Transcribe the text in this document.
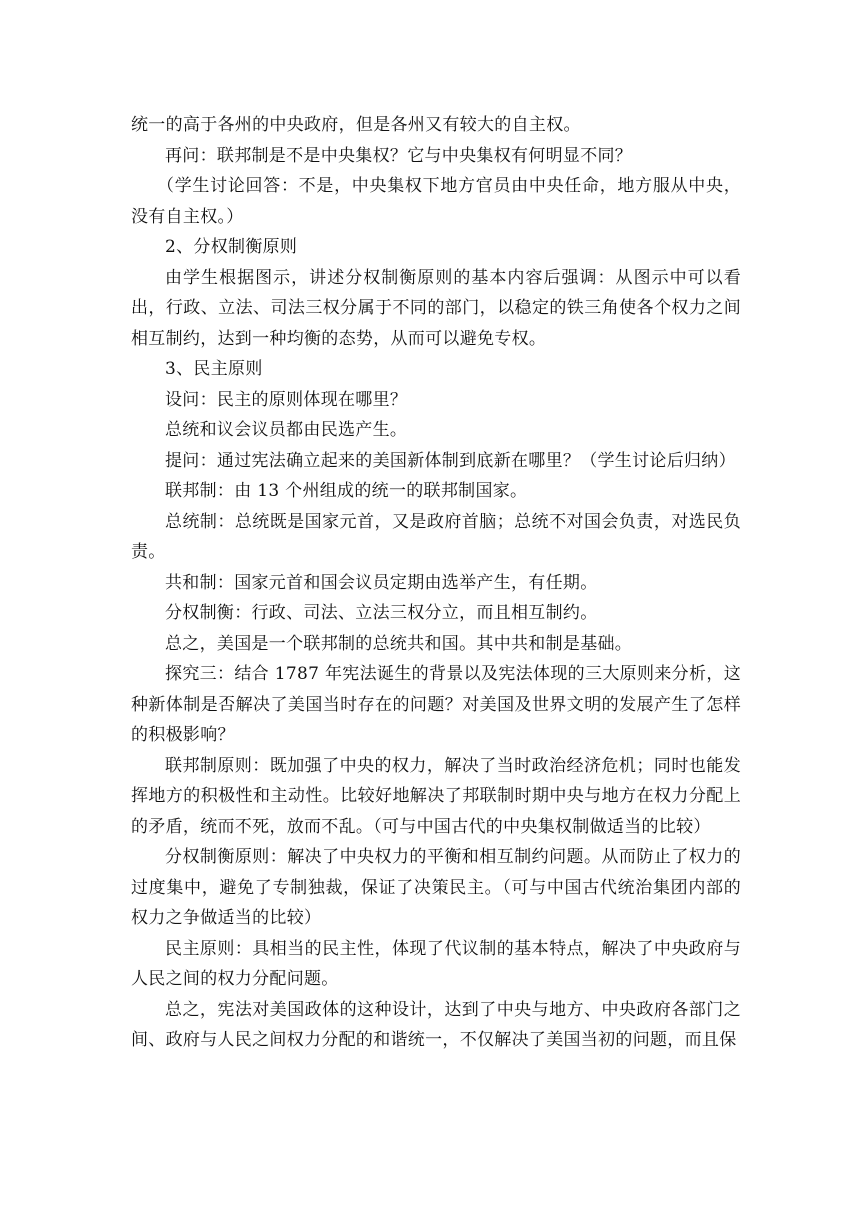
统一的高于各州的中央政府，但是各州又有较大的自主权。

再问：联邦制是不是中央集权？它与中央集权有何明显不同？

（学生讨论回答：不是，中央集权下地方官员由中央任命，地方服从中央，没有自主权。）

2、分权制衡原则

由学生根据图示，讲述分权制衡原则的基本内容后强调：从图示中可以看出，行政、立法、司法三权分属于不同的部门，以稳定的铁三角使各个权力之间相互制约，达到一种均衡的态势，从而可以避免专权。

3、民主原则

设问：民主的原则体现在哪里？

总统和议会议员都由民选产生。

提问：通过宪法确立起来的美国新体制到底新在哪里？（学生讨论后归纳）

联邦制：由 13 个州组成的统一的联邦制国家。

总统制：总统既是国家元首，又是政府首脑；总统不对国会负责，对选民负责。

共和制：国家元首和国会议员定期由选举产生，有任期。

分权制衡：行政、司法、立法三权分立，而且相互制约。

总之，美国是一个联邦制的总统共和国。其中共和制是基础。

探究三：结合 1787 年宪法诞生的背景以及宪法体现的三大原则来分析，这种新体制是否解决了美国当时存在的问题？对美国及世界文明的发展产生了怎样的积极影响？

联邦制原则：既加强了中央的权力，解决了当时政治经济危机；同时也能发挥地方的积极性和主动性。比较好地解决了邦联制时期中央与地方在权力分配上的矛盾，统而不死，放而不乱。（可与中国古代的中央集权制做适当的比较）

分权制衡原则：解决了中央权力的平衡和相互制约问题。从而防止了权力的过度集中，避免了专制独裁，保证了决策民主。（可与中国古代统治集团内部的权力之争做适当的比较）

民主原则：具相当的民主性，体现了代议制的基本特点，解决了中央政府与人民之间的权力分配问题。

总之，宪法对美国政体的这种设计，达到了中央与地方、中央政府各部门之间、政府与人民之间权力分配的和谐统一，不仅解决了美国当初的问题，而且保
